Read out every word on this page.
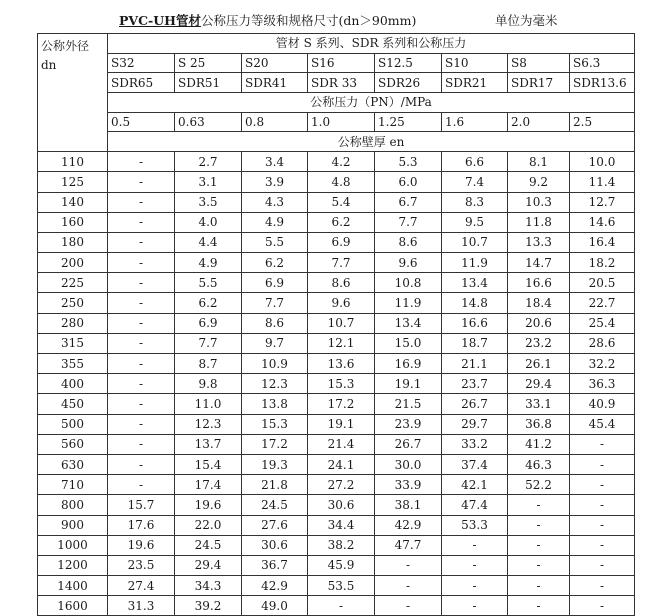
PVC-UH管材公称压力等级和规格尺寸(dn＞90mm)	单位为毫米
公称外径
dn	管材 S 系列、SDR 系列和公称压力							
	S32	S 25	S20	S16	S12.5	S10	S8	S6.3
	SDR65	SDR51	SDR41	SDR 33	SDR26	SDR21	SDR17	SDR13.6
	公称压力（PN）/MPa							
	0.5	0.63	0.8	1.0	1.25	1.6	2.0	2.5
	公称壁厚 en							
110	-	2.7	3.4	4.2	5.3	6.6	8.1	10.0
125	-	3.1	3.9	4.8	6.0	7.4	9.2	11.4
140	-	3.5	4.3	5.4	6.7	8.3	10.3	12.7
160	-	4.0	4.9	6.2	7.7	9.5	11.8	14.6
180	-	4.4	5.5	6.9	8.6	10.7	13.3	16.4
200	-	4.9	6.2	7.7	9.6	11.9	14.7	18.2
225	-	5.5	6.9	8.6	10.8	13.4	16.6	20.5
250	-	6.2	7.7	9.6	11.9	14.8	18.4	22.7
280	-	6.9	8.6	10.7	13.4	16.6	20.6	25.4
315	-	7.7	9.7	12.1	15.0	18.7	23.2	28.6
355	-	8.7	10.9	13.6	16.9	21.1	26.1	32.2
400	-	9.8	12.3	15.3	19.1	23.7	29.4	36.3
450	-	11.0	13.8	17.2	21.5	26.7	33.1	40.9
500	-	12.3	15.3	19.1	23.9	29.7	36.8	45.4
560	-	13.7	17.2	21.4	26.7	33.2	41.2	-
630	-	15.4	19.3	24.1	30.0	37.4	46.3	-
710	-	17.4	21.8	27.2	33.9	42.1	52.2	-
800	15.7	19.6	24.5	30.6	38.1	47.4	-	-
900	17.6	22.0	27.6	34.4	42.9	53.3	-	-
1000	19.6	24.5	30.6	38.2	47.7	-	-	-
1200	23.5	29.4	36.7	45.9	-	-	-	-
1400	27.4	34.3	42.9	53.5	-	-	-	-
1600	31.3	39.2	49.0	-	-	-	-	-
